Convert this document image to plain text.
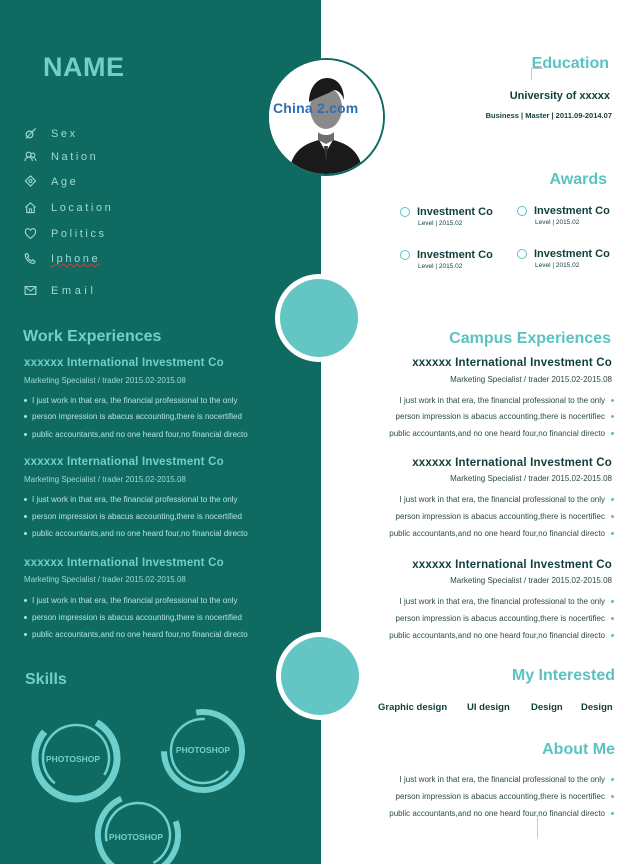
NAME
Sex
Nation
Age
Location
Politics
Iphone
Email
Work Experiences
xxxxxx International Investment Co
Marketing Specialist / trader 2015.02-2015.08
I just work in that era, the financial professional to the only
person impression is abacus accounting,there is nocertified
public accountants,and no one heard four,no financial directo
xxxxxx International Investment Co
Marketing Specialist / trader 2015.02-2015.08
I just work in that era, the financial professional to the only
person impression is abacus accounting,there is nocertified
public accountants,and no one heard four,no financial directo
xxxxxx International Investment Co
Marketing Specialist / trader 2015.02-2015.08
I just work in that era, the financial professional to the only
person impression is abacus accounting,there is nocertified
public accountants,and no one heard four,no financial directo
Skills
PHOTOSHOP
PHOTOSHOP
PHOTOSHOP
China 2.com
Education
University of xxxxx
Business | Master | 2011.09-2014.07
Awards
Investment Co
Level | 2015.02
Investment Co
Level | 2015.02
Investment Co
Level | 2015.02
Investment Co
Level | 2015.02
Campus Experiences
xxxxxx International Investment Co
Marketing Specialist / trader 2015.02-2015.08
I just work in that era, the financial professional to the only
person impression is abacus accounting,there is nocertifiec
public accountants,and no one heard four,no financial directo
xxxxxx International Investment Co
Marketing Specialist / trader 2015.02-2015.08
I just work in that era, the financial professional to the only
person impression is abacus accounting,there is nocertifiec
public accountants,and no one heard four,no financial directo
xxxxxx International Investment Co
Marketing Specialist / trader 2015.02-2015.08
I just work in that era, the financial professional to the only
person impression is abacus accounting,there is nocertifiec
public accountants,and no one heard four,no financial directo
My Interested
Graphic design UI design Design Design
About Me
I just work in that era, the financial professional to the only
person impression is abacus accounting,there is nocertifiec
public accountants,and no one heard four,no financial directo
